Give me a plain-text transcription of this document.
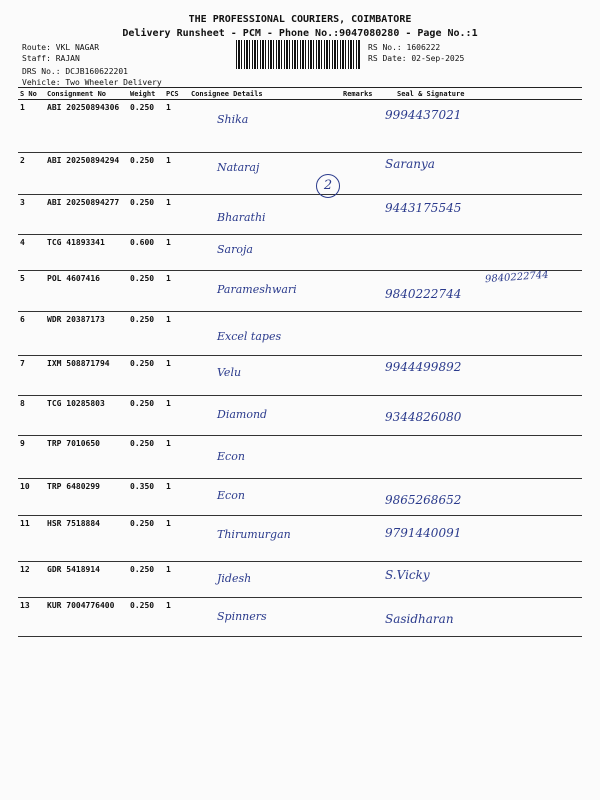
THE PROFESSIONAL COURIERS, COIMBATORE
Delivery Runsheet - PCM - Phone No.:9047080280 - Page No.:1
Route: VKL NAGAR
Staff: RAJAN
DRS No.: DCJB160622201
Vehicle: Two Wheeler Delivery
RS No.: 1606222
RS Date: 02-Sep-2025
S No	Consignment No	Weight	PCS	Consignee Details	Remarks	Seal & Signature
1	ABI 20250894306	0.250	1	Shika		9994437021

2	ABI 20250894294	0.250	1	Nataraj		Saranya

3	ABI 20250894277	0.250	1	Bharathi		9443175545

4	TCG 41893341	0.600	1	Saroja		

5	POL 4607416	0.250	1	Parameshwari		9840222744

6	WDR 20387173	0.250	1	Excel tapes		

7	IXM 508871794	0.250	1	Velu		9944499892

8	TCG 10285803	0.250	1	Diamond		9344826080

9	TRP 7010650	0.250	1	Econ		

10	TRP 6480299	0.350	1	Econ		9865268652

11	HSR 7518884	0.250	1	Thirumurgan		9791440091

12	GDR 5418914	0.250	1	Jidesh		S.Vicky

13	KUR 7004776400	0.250	1	Spinners		Sasidharan
2
9840222744
